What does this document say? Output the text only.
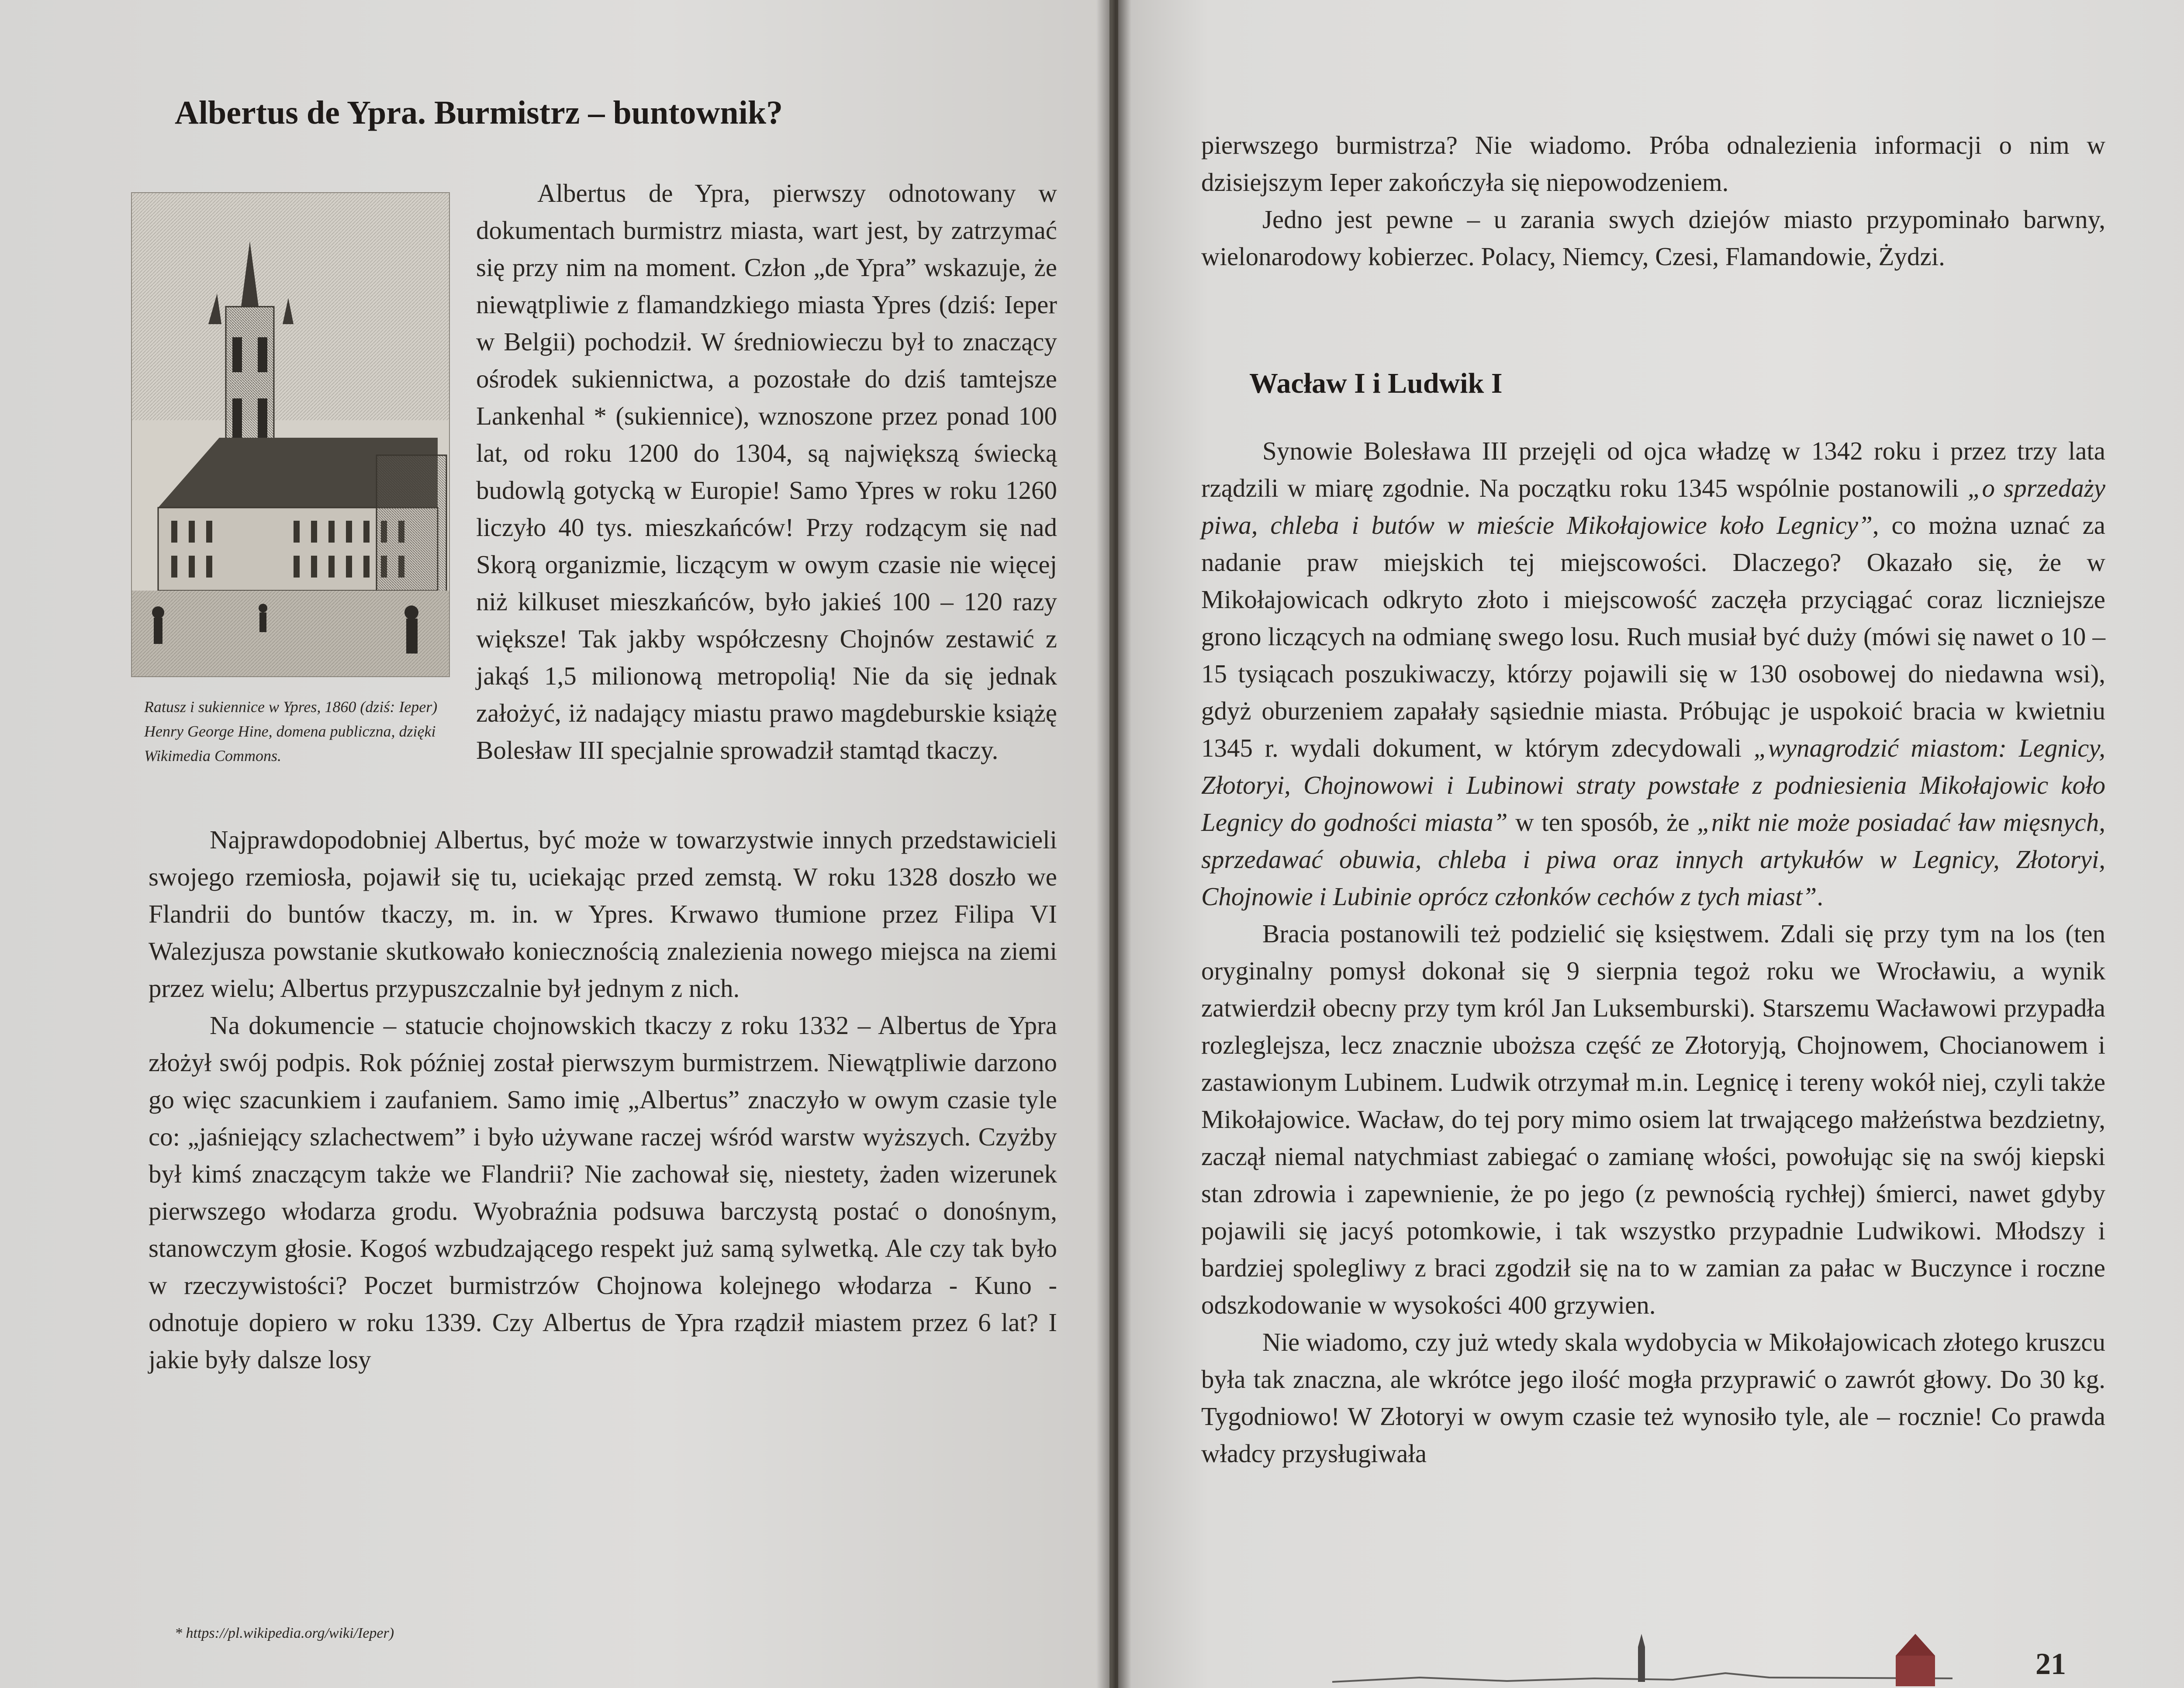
Albertus de Ypra. Burmistrz – buntownik?
Ratusz i sukiennice w Ypres, 1860 (dziś: Ieper) Henry George Hine, domena publiczna, dzięki Wikimedia Commons.

Albertus de Ypra, pierwszy odnotowany w dokumentach burmistrz miasta, wart jest, by zatrzymać się przy nim na moment. Człon „de Ypra” wskazuje, że niewątpliwie z flamandzkiego miasta Ypres (dziś: Ieper w Belgii) pochodził. W średniowieczu był to znaczący ośrodek sukiennictwa, a pozostałe do dziś tamtejsze Lankenhal * (sukiennice), wznoszone przez ponad 100 lat, od roku 1200 do 1304, są największą świecką budowlą gotycką w Europie! Samo Ypres w roku 1260 liczyło 40 tys. mieszkańców! Przy rodzącym się nad Skorą organizmie, liczącym w owym czasie nie więcej niż kilkuset mieszkańców, było jakieś 100 – 120 razy większe! Tak jakby współczesny Chojnów zestawić z jakąś 1,5 milionową metropolią! Nie da się jednak założyć, iż nadający miastu prawo magdeburskie książę Bolesław III specjalnie sprowadził stamtąd tkaczy.

Najprawdopodobniej Albertus, być może w towarzystwie innych przedstawicieli swojego rzemiosła, pojawił się tu, uciekając przed zemstą. W roku 1328 doszło we Flandrii do buntów tkaczy, m. in. w Ypres. Krwawo tłumione przez Filipa VI Walezjusza powstanie skutkowało koniecznością znalezienia nowego miejsca na ziemi przez wielu; Albertus przypuszczalnie był jednym z nich.

Na dokumencie – statucie chojnowskich tkaczy z roku 1332 – Albertus de Ypra złożył swój podpis. Rok później został pierwszym burmistrzem. Niewątpliwie darzono go więc szacunkiem i zaufaniem. Samo imię „Albertus” znaczyło w owym czasie tyle co: „jaśniejący szlachectwem” i było używane raczej wśród warstw wyższych. Czyżby był kimś znaczącym także we Flandrii? Nie zachował się, niestety, żaden wizerunek pierwszego włodarza grodu. Wyobraźnia podsuwa barczystą postać o donośnym, stanowczym głosie. Kogoś wzbudzającego respekt już samą sylwetką. Ale czy tak było w rzeczywistości? Poczet burmistrzów Chojnowa kolejnego włodarza - Kuno - odnotuje dopiero w roku 1339. Czy Albertus de Ypra rządził miastem przez 6 lat? I jakie były dalsze losy

* https://pl.wikipedia.org/wiki/Ieper)

pierwszego burmistrza? Nie wiadomo. Próba odnalezienia informacji o nim w dzisiejszym Ieper zakończyła się niepowodzeniem.

Jedno jest pewne – u zarania swych dziejów miasto przypominało barwny, wielonarodowy kobierzec. Polacy, Niemcy, Czesi, Flamandowie, Żydzi.

Wacław I i Ludwik I

Synowie Bolesława III przejęli od ojca władzę w 1342 roku i przez trzy lata rządzili w miarę zgodnie. Na początku roku 1345 wspólnie postanowili „o sprzedaży piwa, chleba i butów w mieście Mikołajowice koło Legnicy”, co można uznać za nadanie praw miejskich tej miejscowości. Dlaczego? Okazało się, że w Mikołajowicach odkryto złoto i miejscowość zaczęła przyciągać coraz liczniejsze grono liczących na odmianę swego losu. Ruch musiał być duży (mówi się nawet o 10 – 15 tysiącach poszukiwaczy, którzy pojawili się w 130 osobowej do niedawna wsi), gdyż oburzeniem zapałały sąsiednie miasta. Próbując je uspokoić bracia w kwietniu 1345 r. wydali dokument, w którym zdecydowali „wynagrodzić miastom: Legnicy, Złotoryi, Chojnowowi i Lubinowi straty powstałe z podniesienia Mikołajowic koło Legnicy do godności miasta” w ten sposób, że „nikt nie może posiadać ław mięsnych, sprzedawać obuwia, chleba i piwa oraz innych artykułów w Legnicy, Złotoryi, Chojnowie i Lubinie oprócz członków cechów z tych miast”.

Bracia postanowili też podzielić się księstwem. Zdali się przy tym na los (ten oryginalny pomysł dokonał się 9 sierpnia tegoż roku we Wrocławiu, a wynik zatwierdził obecny przy tym król Jan Luksemburski). Starszemu Wacławowi przypadła rozleglejsza, lecz znacznie uboższa część ze Złotoryją, Chojnowem, Chocianowem i zastawionym Lubinem. Ludwik otrzymał m.in. Legnicę i tereny wokół niej, czyli także Mikołajowice. Wacław, do tej pory mimo osiem lat trwającego małżeństwa bezdzietny, zaczął niemal natychmiast zabiegać o zamianę włości, powołując się na swój kiepski stan zdrowia i zapewnienie, że po jego (z pewnością rychłej) śmierci, nawet gdyby pojawili się jacyś potomkowie, i tak wszystko przypadnie Ludwikowi. Młodszy i bardziej spolegliwy z braci zgodził się na to w zamian za pałac w Buczynce i roczne odszkodowanie w wysokości 400 grzywien.

Nie wiadomo, czy już wtedy skala wydobycia w Mikołajowicach złotego kruszcu była tak znaczna, ale wkrótce jego ilość mogła przyprawić o zawrót głowy. Do 30 kg. Tygodniowo! W Złotoryi w owym czasie też wynosiło tyle, ale – rocznie! Co prawda władcy przysługiwała

21
